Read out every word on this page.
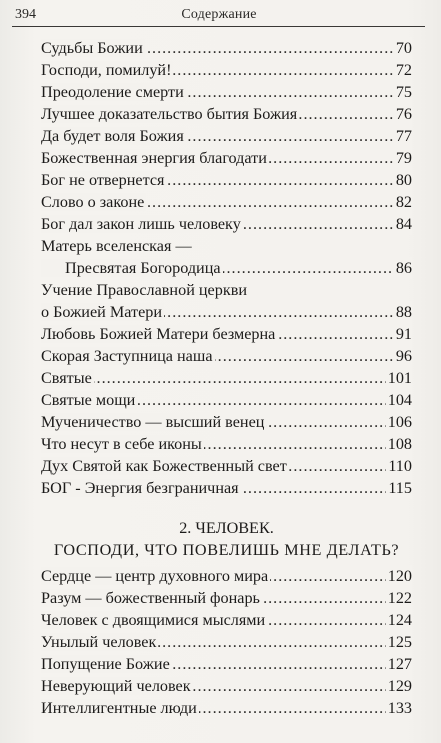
394	Содержание
.....
Судьбы Божии	70
.....
Господи, помилуй!	72
.....
Преодоление смерти	75
.....
Лучшее доказательство бытия Божия	76
.....
Да будет воля Божия	77
.....
Божественная энергия благодати	79
.....
Бог не отвернется	80
.....
Слово о законе	82
.....
Бог дал закон лишь человеку	84
Матерь вселенская —
.....
Пресвятая Богородица	86
Учение Православной церкви
.....
о Божией Матери	88
.....
Любовь Божией Матери безмерна	91
.....
Скорая Заступница наша	96
.....
Святые	101
.....
Святые мощи	104
.....
Мученичество — высший венец	106
.....
Что несут в себе иконы	108
.....
Дух Святой как Божественный свет	110
.....
БОГ - Энергия безграничная	115
2. ЧЕЛОВЕК.
ГОСПОДИ, ЧТО ПОВЕЛИШЬ МНЕ ДЕЛАТЬ?
.....
Сердце — центр духовного мира	120
.....
Разум — божественный фонарь	122
.....
Человек с двоящимися мыслями	124
.....
Унылый человек	125
.....
Попущение Божие	127
.....
Неверующий человек	129
.....
Интеллигентные люди	133
